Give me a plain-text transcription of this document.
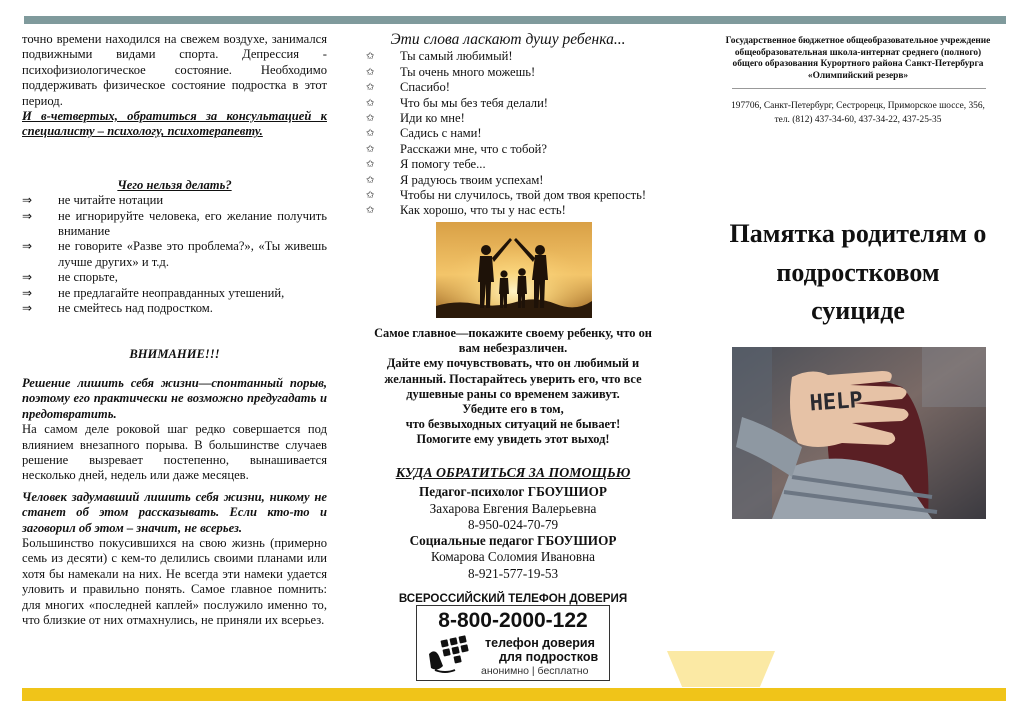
точно времени находился на свежем воздухе, занимался подвижными видами спорта. Депрессия - психофизиологическое состояние. Необходимо поддерживать физическое состояние подростка в этот период.

И в-четвертых, обратиться за консультацией к специалисту – психологу, психотерапевту.

Чего нельзя делать?

⇒ не читайте нотации
⇒ не игнорируйте человека, его желание получить внимание
⇒ не говорите «Разве это проблема?», «Ты живешь лучше других» и т.д.
⇒ не спорьте,
⇒ не предлагайте неоправданных утешений,
⇒ не смейтесь над подростком.

ВНИМАНИЕ!!!

Решение лишить себя жизни—спонтанный порыв, поэтому его практически не возможно предугадать и предотвратить.

На самом деле роковой шаг редко совершается под влиянием внезапного порыва. В большинстве случаев решение вызревает постепенно, вынашивается несколько дней, недель или даже месяцев.

Человек задумавший лишить себя жизни, никому не станет об этом рассказывать. Если кто-то и заговорил об этом – значит, не всерьез.

Большинство покусившихся на свою жизнь (примерно семь из десяти) с кем-то делились своими планами или хотя бы намекали на них. Не всегда эти намеки удается уловить и правильно понять. Самое главное помнить: для многих «последней каплей» послужило именно то, что близкие от них отмахнулись, не приняли их всерьез.

Эти слова ласкают душу ребенка...

✩ Ты самый любимый!
✩ Ты очень много можешь!
✩ Спасибо!
✩ Что бы мы без тебя делали!
✩ Иди ко мне!
✩ Садись с нами!
✩ Расскажи мне, что с тобой?
✩ Я помогу тебе...
✩ Я радуюсь твоим успехам!
✩ Чтобы ни случилось, твой дом твоя крепость!
✩ Как хорошо, что ты у нас есть!
Самое главное—покажите своему ребенку, что он
вам небезразличен.
Дайте ему почувствовать, что он любимый и
желанный. Постарайтесь уверить его, что все
душевные раны со временем заживут.
Убедите его в том,
что безвыходных ситуаций не бывает!
Помогите ему увидеть этот выход!
КУДА ОБРАТИТЬСЯ ЗА ПОМОЩЬЮ
Педагог-психолог ГБОУШИОР
Захарова Евгения Валерьевна
8-950-024-70-79
Социальные педагог ГБОУШИОР
Комарова Соломия Ивановна
8-921-577-19-53
ВСЕРОССИЙСКИЙ ТЕЛЕФОН ДОВЕРИЯ
8-800-2000-122
телефон доверия
для подростков
анонимно | бесплатно
Государственное бюджетное общеобразовательное учреждение
общеобразовательная школа-интернат среднего (полного)
общего образования Курортного района Санкт-Петербурга
«Олимпийский резерв»
197706, Санкт-Петербург, Сестрорецк, Приморское шоссе, 356,
тел. (812) 437-34-60, 437-34-22, 437-25-35
Памятка родителям о
подростковом
суициде
HELP
